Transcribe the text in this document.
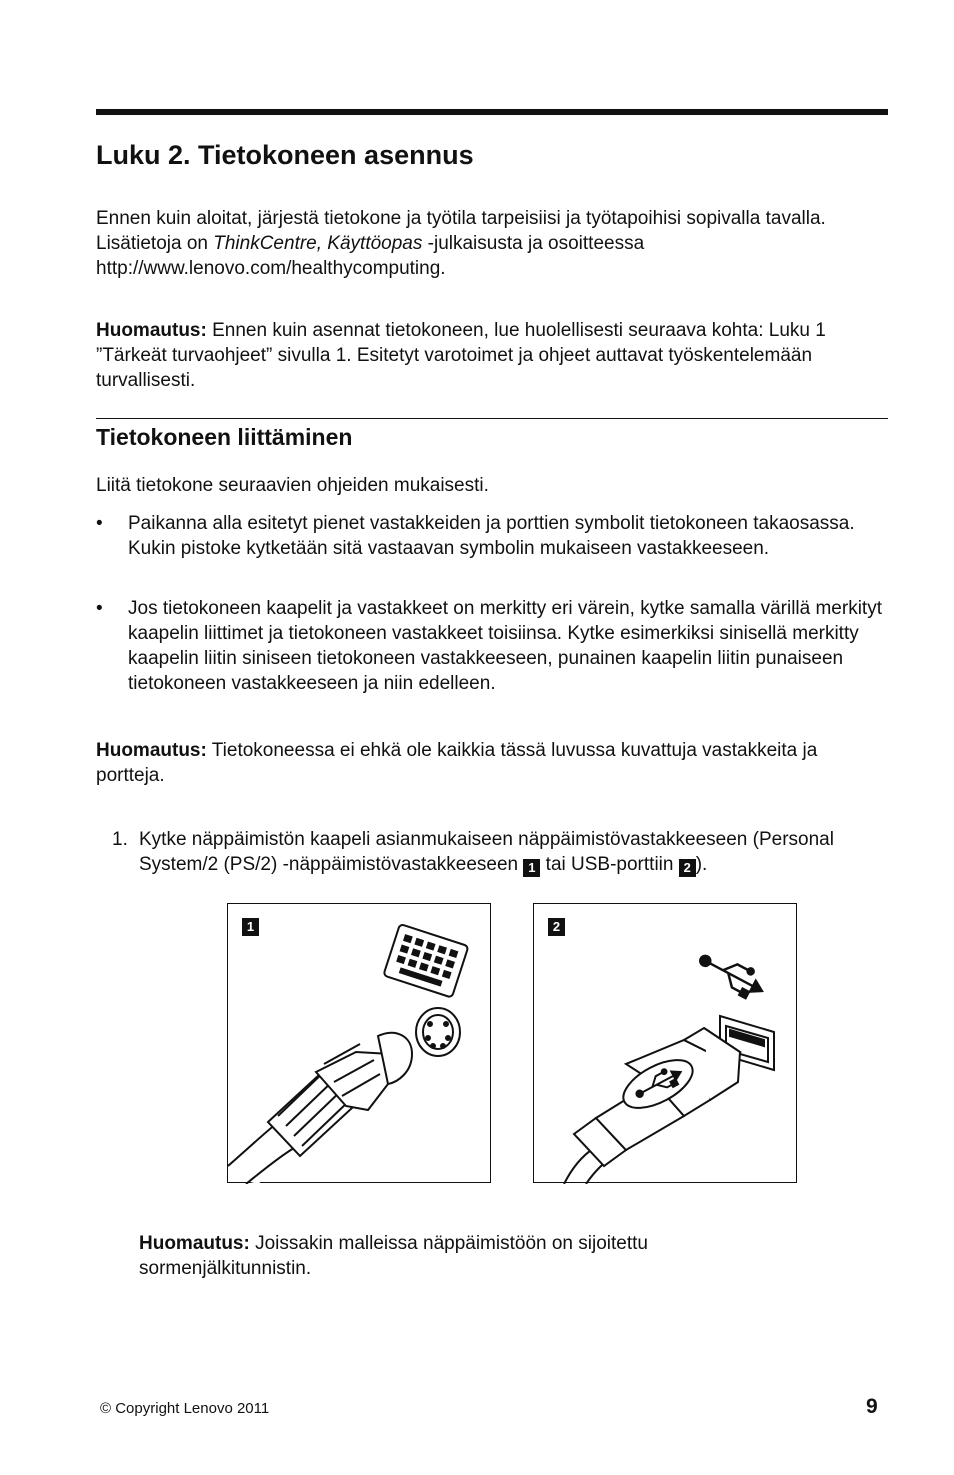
Luku 2. Tietokoneen asennus

Ennen kuin aloitat, järjestä tietokone ja työtila tarpeisiisi ja työtapoihisi sopivalla tavalla. Lisätietoja on ThinkCentre, Käyttöopas -julkaisusta ja osoitteessa http://www.lenovo.com/healthycomputing.

Huomautus: Ennen kuin asennat tietokoneen, lue huolellisesti seuraava kohta: Luku 1 ”Tärkeät turvaohjeet” sivulla 1. Esitetyt varotoimet ja ohjeet auttavat työskentelemään turvallisesti.

Tietokoneen liittäminen

Liitä tietokone seuraavien ohjeiden mukaisesti.

•	Paikanna alla esitetyt pienet vastakkeiden ja porttien symbolit tietokoneen takaosassa. Kukin pistoke kytketään sitä vastaavan symbolin mukaiseen vastakkeeseen.
•	Jos tietokoneen kaapelit ja vastakkeet on merkitty eri värein, kytke samalla värillä merkityt kaapelin liittimet ja tietokoneen vastakkeet toisiinsa. Kytke esimerkiksi sinisellä merkitty kaapelin liitin siniseen tietokoneen vastakkeeseen, punainen kaapelin liitin punaiseen tietokoneen vastakkeeseen ja niin edelleen.

Huomautus: Tietokoneessa ei ehkä ole kaikkia tässä luvussa kuvattuja vastakkeita ja portteja.

1. Kytke näppäimistön kaapeli asianmukaiseen näppäimistövastakkeeseen (Personal System/2 (PS/2) -näppäimistövastakkeeseen 1 tai USB-porttiin 2 ).
1	2

Huomautus: Joissakin malleissa näppäimistöön on sijoitettu sormenjälkitunnistin.

© Copyright Lenovo 2011	9
